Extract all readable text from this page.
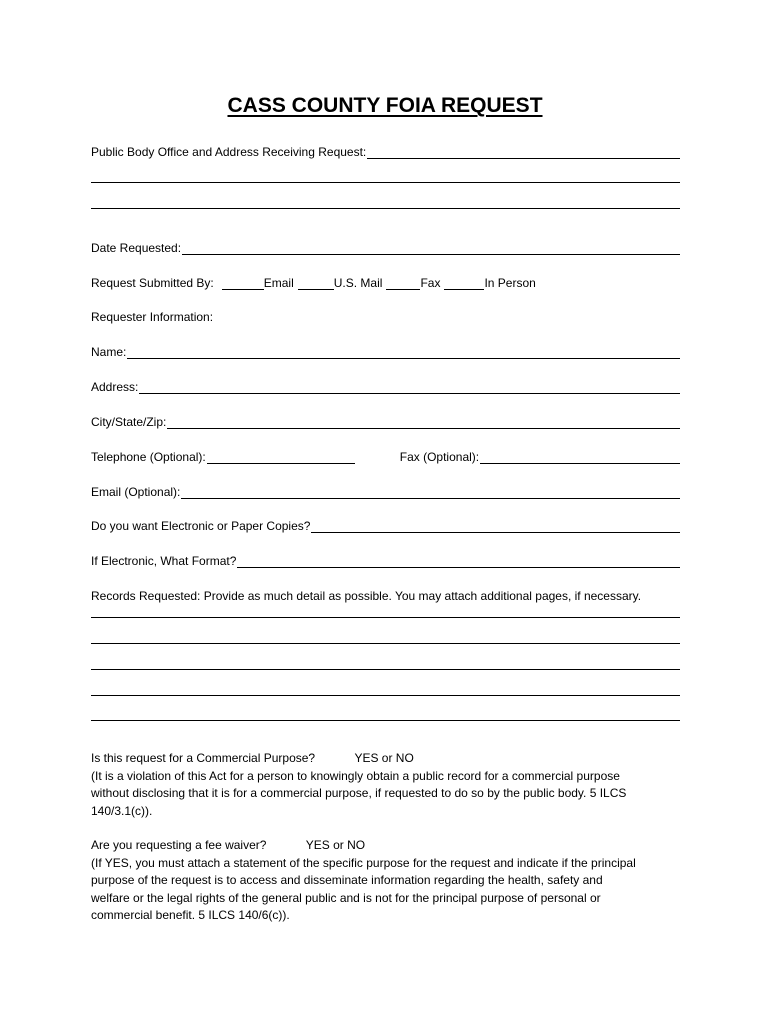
CASS COUNTY FOIA REQUEST
Public Body Office and Address Receiving Request:
Date Requested:
Request Submitted By:	Email	U.S. Mail	Fax	In Person
Requester Information:
Name:
Address:
City/State/Zip:
Telephone (Optional):	Fax (Optional):
Email (Optional):
Do you want Electronic or Paper Copies?
If Electronic, What Format?
Records Requested: Provide as much detail as possible. You may attach additional pages, if necessary.
Is this request for a Commercial Purpose?	YES or NO
(It is a violation of this Act for a person to knowingly obtain a public record for a commercial purpose
without disclosing that it is for a commercial purpose, if requested to do so by the public body. 5 ILCS
140/3.1(c)).
Are you requesting a fee waiver?	YES or NO
(If YES, you must attach a statement of the specific purpose for the request and indicate if the principal
purpose of the request is to access and disseminate information regarding the health, safety and
welfare or the legal rights of the general public and is not for the principal purpose of personal or
commercial benefit. 5 ILCS 140/6(c)).
